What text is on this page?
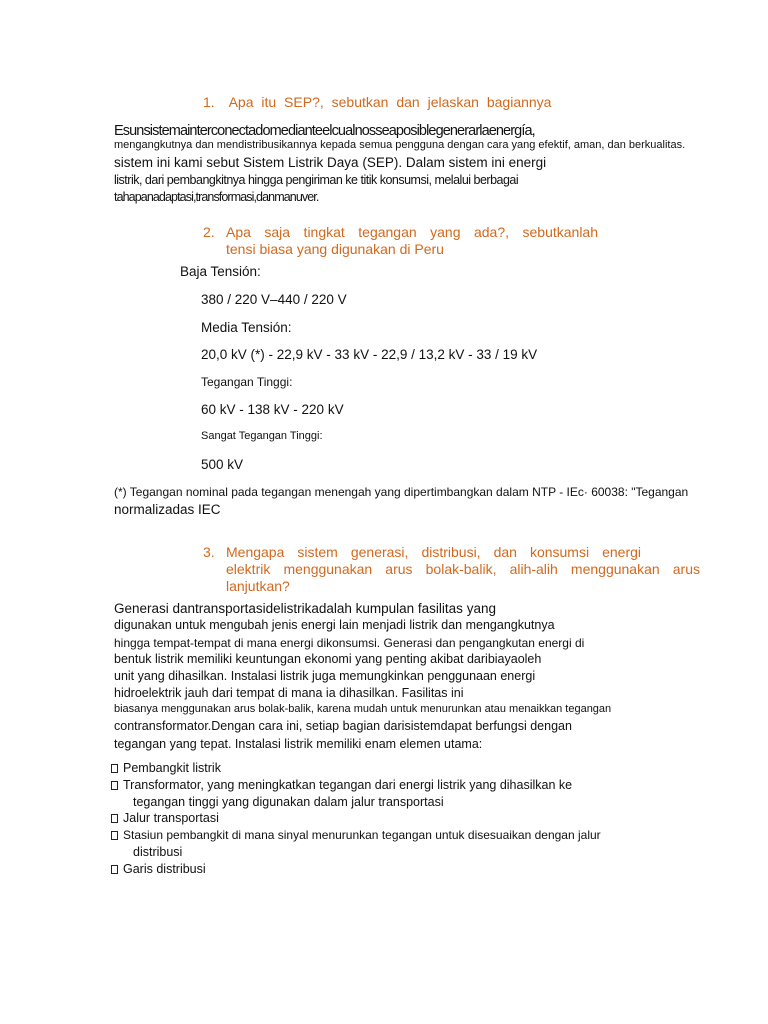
1. Apa itu SEP?, sebutkan dan jelaskan bagiannya
Esunsistemainterconectadomedianteelcualnosseaposiblegenerarlaenergía,
mengangkutnya dan mendistribusikannya kepada semua pengguna dengan cara yang efektif, aman, dan berkualitas.
sistem ini kami sebut Sistem Listrik Daya (SEP). Dalam sistem ini energi
listrik, dari pembangkitnya hingga pengiriman ke titik konsumsi, melalui berbagai
tahapanadaptasi,transformasi,danmanuver.
2. Apa saja tingkat tegangan yang ada?, sebutkanlah
tensi biasa yang digunakan di Peru
Baja Tensión:
380 / 220 V–440 / 220 V
Media Tensión:
20,0 kV (*) - 22,9 kV - 33 kV - 22,9 / 13,2 kV - 33 / 19 kV
Tegangan Tinggi:
60 kV - 138 kV - 220 kV
Sangat Tegangan Tinggi:
500 kV
(*) Tegangan nominal pada tegangan menengah yang dipertimbangkan dalam NTP - IEc· 60038: "Tegangan
normalizadas IEC
3. Mengapa sistem generasi, distribusi, dan konsumsi energi
elektrik menggunakan arus bolak-balik, alih-alih menggunakan arus
lanjutkan?
Generasi dantransportasidelistrikadalah kumpulan fasilitas yang
digunakan untuk mengubah jenis energi lain menjadi listrik dan mengangkutnya
hingga tempat-tempat di mana energi dikonsumsi. Generasi dan pengangkutan energi di
bentuk listrik memiliki keuntungan ekonomi yang penting akibat daribiayaoleh
unit yang dihasilkan. Instalasi listrik juga memungkinkan penggunaan energi
hidroelektrik jauh dari tempat di mana ia dihasilkan. Fasilitas ini
biasanya menggunakan arus bolak-balik, karena mudah untuk menurunkan atau menaikkan tegangan
contransformator.Dengan cara ini, setiap bagian darisistemdapat berfungsi dengan
tegangan yang tepat. Instalasi listrik memiliki enam elemen utama:
Pembangkit listrik
Transformator, yang meningkatkan tegangan dari energi listrik yang dihasilkan ke
tegangan tinggi yang digunakan dalam jalur transportasi
Jalur transportasi
Stasiun pembangkit di mana sinyal menurunkan tegangan untuk disesuaikan dengan jalur
distribusi
Garis distribusi
